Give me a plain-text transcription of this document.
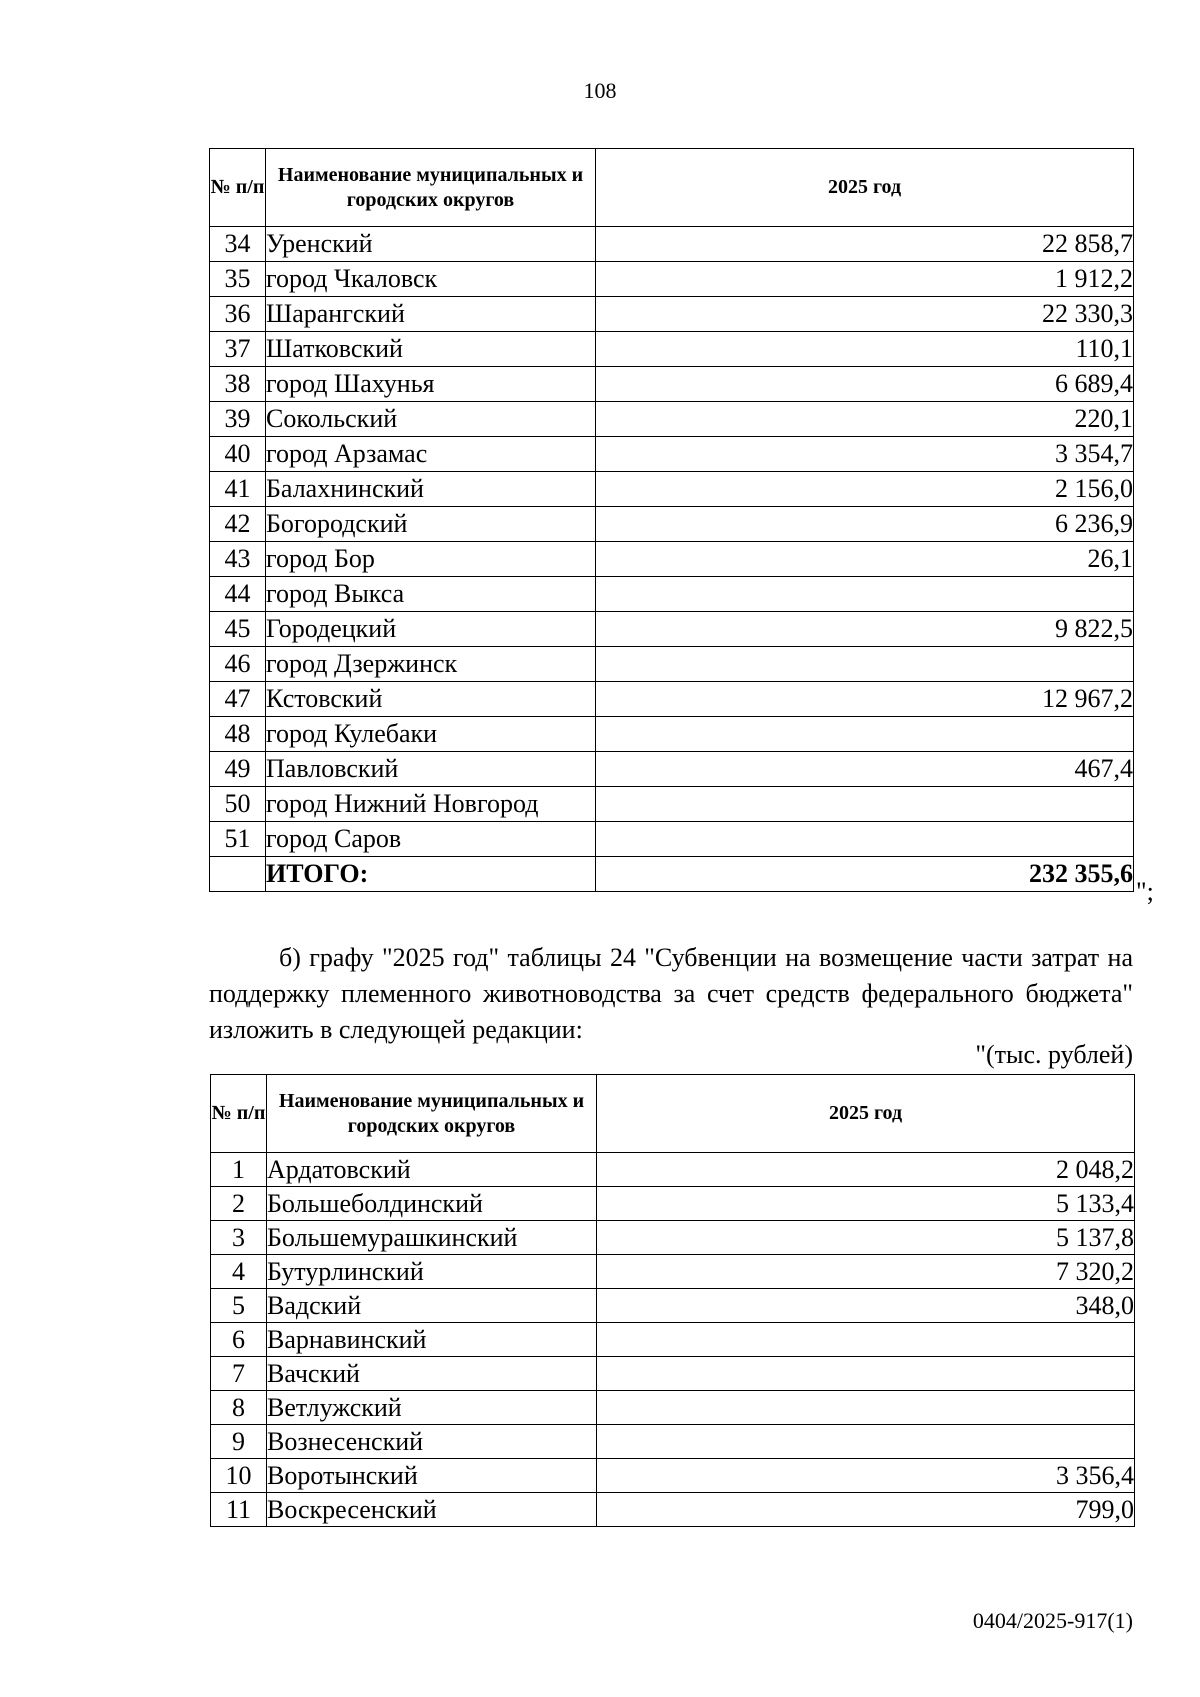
108
№ п/п	Наименование муниципальных и городских округов	2025 год
34	Уренский	22 858,7
35	город Чкаловск	1 912,2
36	Шарангский	22 330,3
37	Шатковский	110,1
38	город Шахунья	6 689,4
39	Сокольский	220,1
40	город Арзамас	3 354,7
41	Балахнинский	2 156,0
42	Богородский	6 236,9
43	город Бор	26,1
44	город Выкса	
45	Городецкий	9 822,5
46	город Дзержинск	
47	Кстовский	12 967,2
48	город Кулебаки	
49	Павловский	467,4
50	город Нижний Новгород	
51	город Саров	
	ИТОГО:	232 355,6
";
б) графу "2025 год" таблицы 24 "Субвенции на возмещение части затрат на поддержку племенного животноводства за счет средств федерального бюджета" изложить в следующей редакции:
"(тыс. рублей)
№ п/п	Наименование муниципальных и городских округов	2025 год
1	Ардатовский	2 048,2
2	Большеболдинский	5 133,4
3	Большемурашкинский	5 137,8
4	Бутурлинский	7 320,2
5	Вадский	348,0
6	Варнавинский	
7	Вачский	
8	Ветлужский	
9	Вознесенский	
10	Воротынский	3 356,4
11	Воскресенский	799,0
0404/2025-917(1)
